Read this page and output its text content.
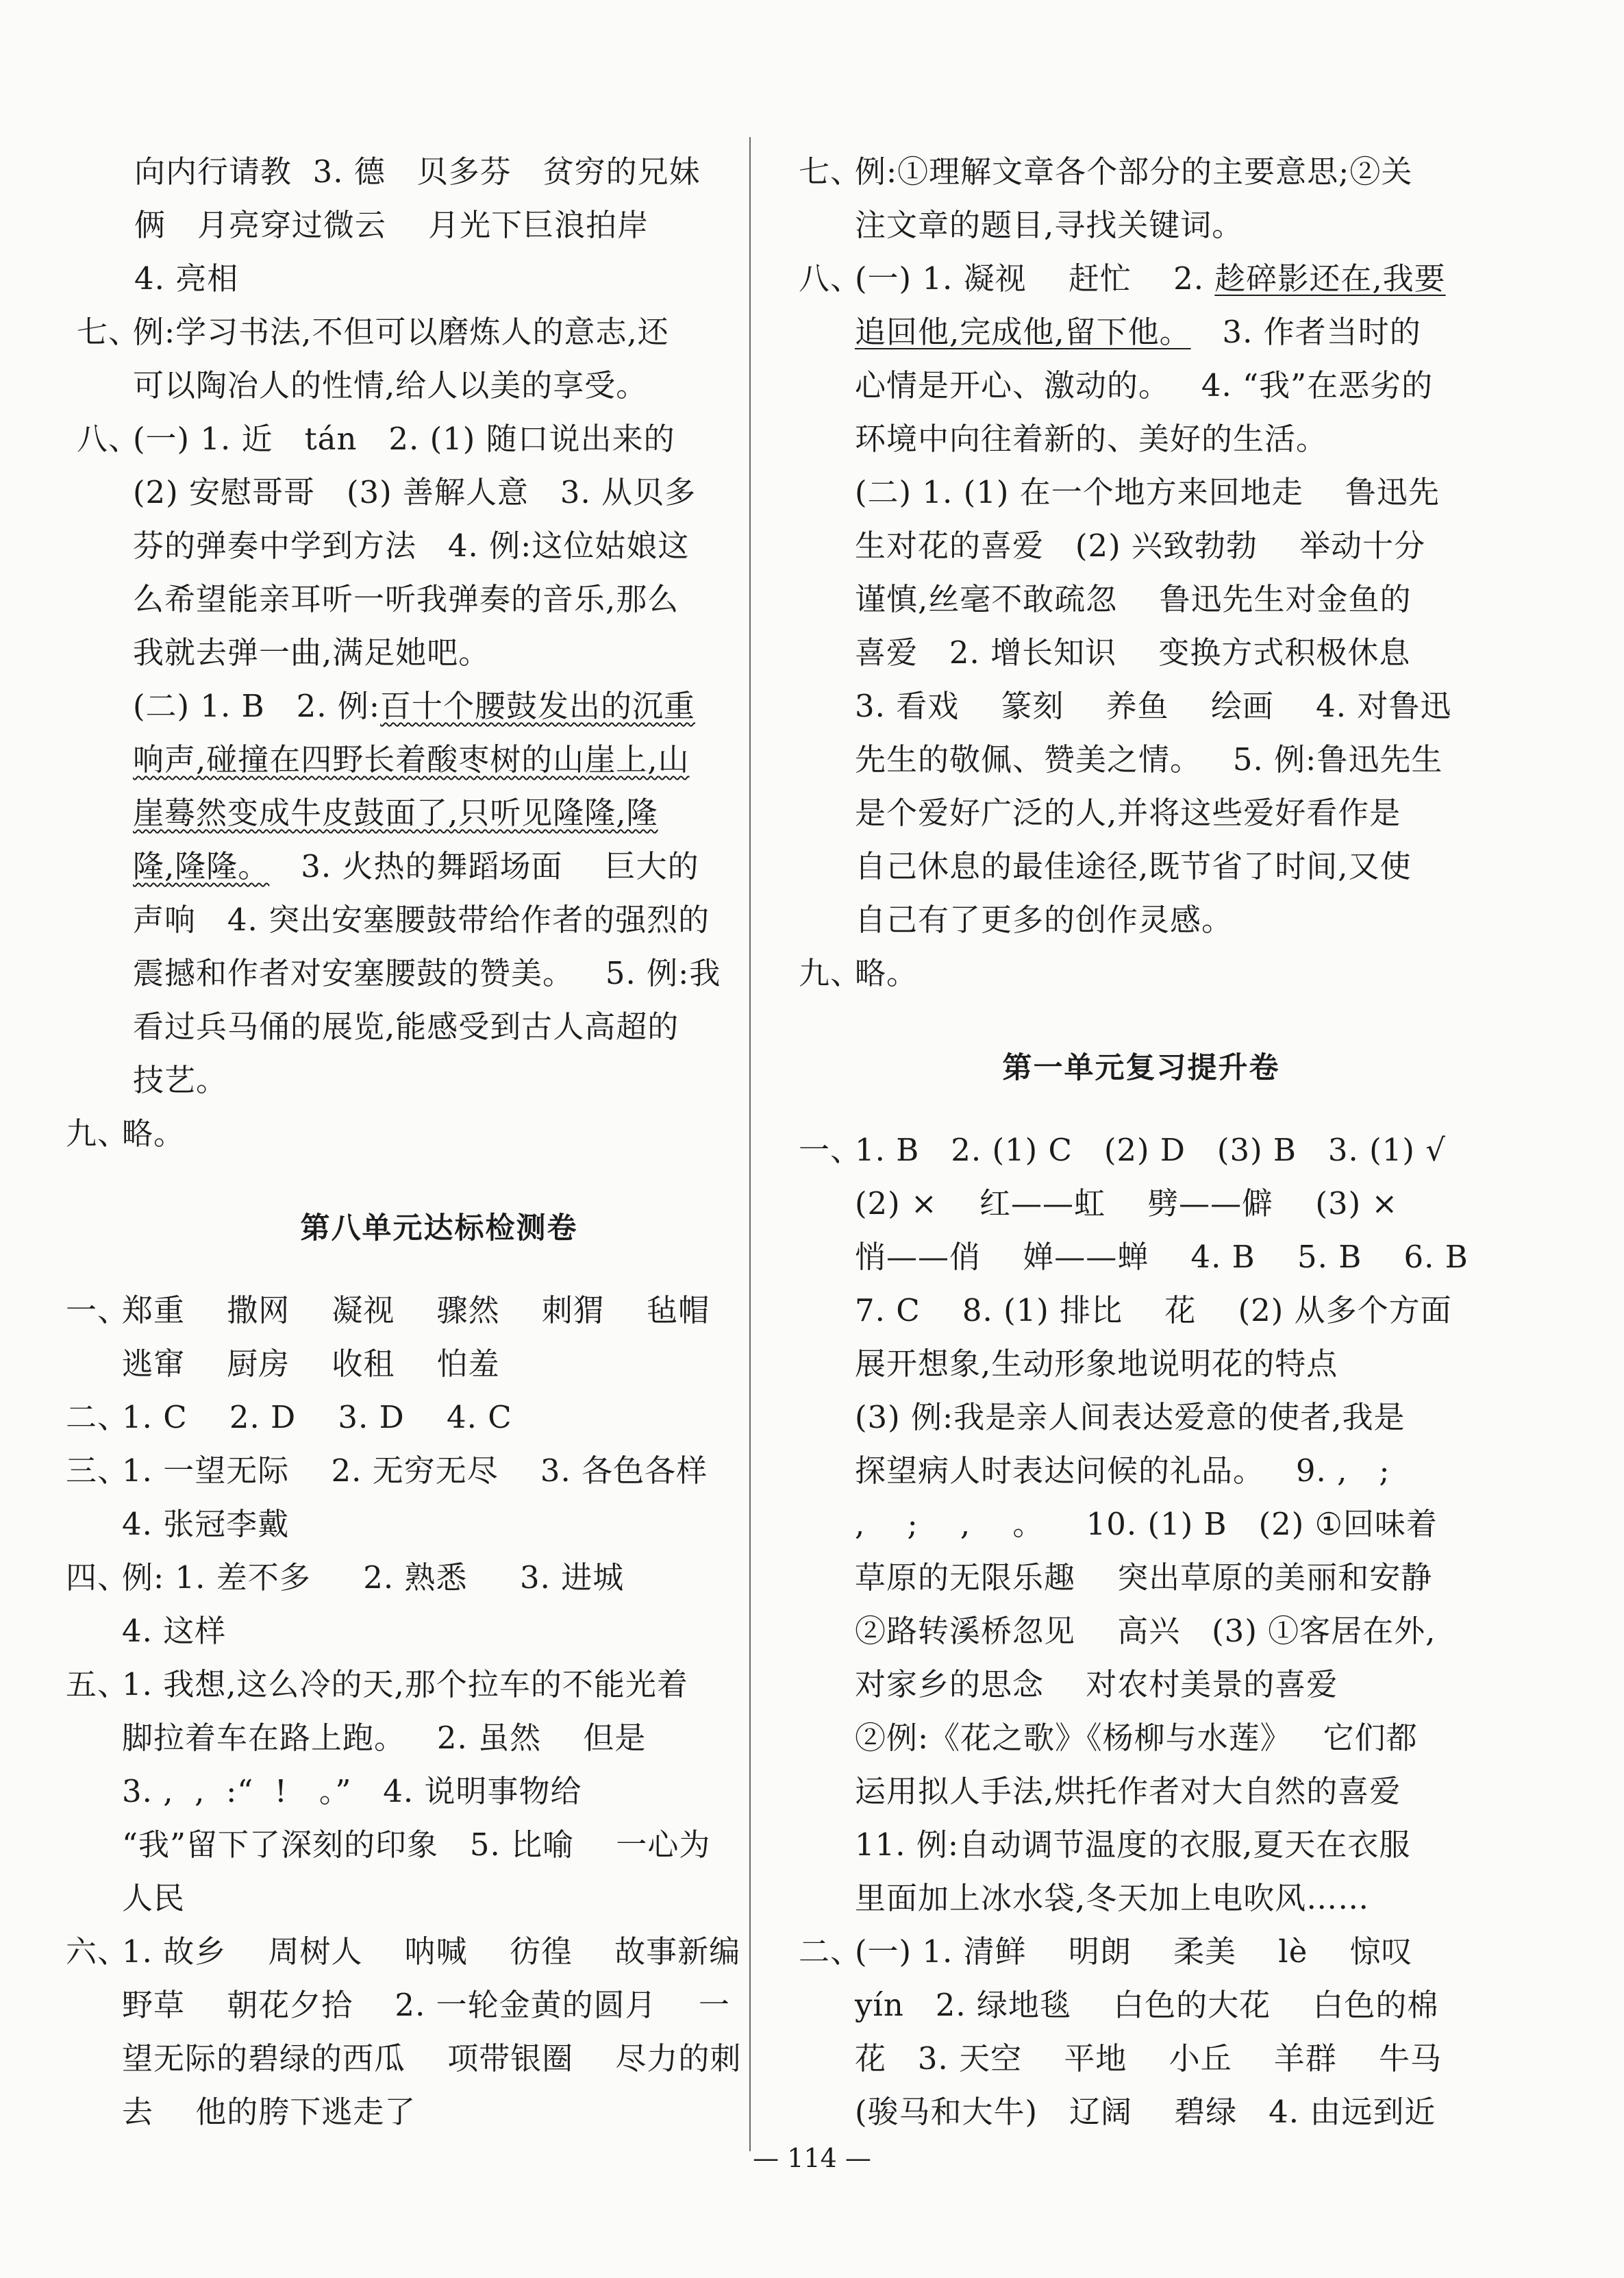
向内行请教  3. 德   贝多芬   贫穷的兄妹
俩   月亮穿过微云    月光下巨浪拍岸
4. 亮相
七、例:学习书法,不但可以磨炼人的意志,还
可以陶冶人的性情,给人以美的享受。
八、(一) 1. 近   tán   2. (1) 随口说出来的
(2) 安慰哥哥   (3) 善解人意   3. 从贝多
芬的弹奏中学到方法   4. 例:这位姑娘这
么希望能亲耳听一听我弹奏的音乐,那么
我就去弹一曲,满足她吧。
(二) 1. B   2. 例:百十个腰鼓发出的沉重
响声,碰撞在四野长着酸枣树的山崖上,山
崖蓦然变成牛皮鼓面了,只听见隆隆,隆
隆,隆隆。   3. 火热的舞蹈场面    巨大的
声响   4. 突出安塞腰鼓带给作者的强烈的
震撼和作者对安塞腰鼓的赞美。   5. 例:我
看过兵马俑的展览,能感受到古人高超的
技艺。
九、略。
第八单元达标检测卷
一、郑重    撒网    凝视    骤然    刺猬    毡帽
逃窜    厨房    收租    怕羞
二、1. C    2. D    3. D    4. C
三、1. 一望无际    2. 无穷无尽    3. 各色各样
4. 张冠李戴
四、例: 1. 差不多     2. 熟悉     3. 进城
4. 这样
五、1. 我想,这么冷的天,那个拉车的不能光着
脚拉着车在路上跑。   2. 虽然    但是
3. ,  ,  :“  !   。”   4. 说明事物给
“我”留下了深刻的印象   5. 比喻    一心为
人民
六、1. 故乡    周树人    呐喊    彷徨    故事新编
野草    朝花夕拾    2. 一轮金黄的圆月    一
望无际的碧绿的西瓜    项带银圈    尽力的刺
去    他的胯下逃走了
七、例:①理解文章各个部分的主要意思;②关
注文章的题目,寻找关键词。
八、(一) 1. 凝视    赶忙    2. 趁碎影还在,我要
追回他,完成他,留下他。   3. 作者当时的
心情是开心、激动的。   4. “我”在恶劣的
环境中向往着新的、美好的生活。
(二) 1. (1) 在一个地方来回地走    鲁迅先
生对花的喜爱   (2) 兴致勃勃    举动十分
谨慎,丝毫不敢疏忽    鲁迅先生对金鱼的
喜爱   2. 增长知识    变换方式积极休息
3. 看戏    篆刻    养鱼    绘画    4. 对鲁迅
先生的敬佩、赞美之情。   5. 例:鲁迅先生
是个爱好广泛的人,并将这些爱好看作是
自己休息的最佳途径,既节省了时间,又使
自己有了更多的创作灵感。
九、略。
第一单元复习提升卷
一、1. B   2. (1) C   (2) D   (3) B   3. (1) √
(2) ×    红——虹    劈——僻    (3) ×
悄——俏    婵——蝉    4. B    5. B    6. B
7. C    8. (1) 排比    花    (2) 从多个方面
展开想象,生动形象地说明花的特点
(3) 例:我是亲人间表达爱意的使者,我是
探望病人时表达问候的礼品。   9. ,   ;
,    ;    ,    。    10. (1) B   (2) ①回味着
草原的无限乐趣    突出草原的美丽和安静
②路转溪桥忽见    高兴   (3) ①客居在外,
对家乡的思念    对农村美景的喜爱
②例:《花之歌》《杨柳与水莲》   它们都
运用拟人手法,烘托作者对大自然的喜爱
11. 例:自动调节温度的衣服,夏天在衣服
里面加上冰水袋,冬天加上电吹风……
二、(一) 1. 清鲜    明朗    柔美    lè    惊叹
yín   2. 绿地毯    白色的大花    白色的棉
花   3. 天空    平地    小丘    羊群    牛马
(骏马和大牛)   辽阔    碧绿   4. 由远到近
— 114 —
